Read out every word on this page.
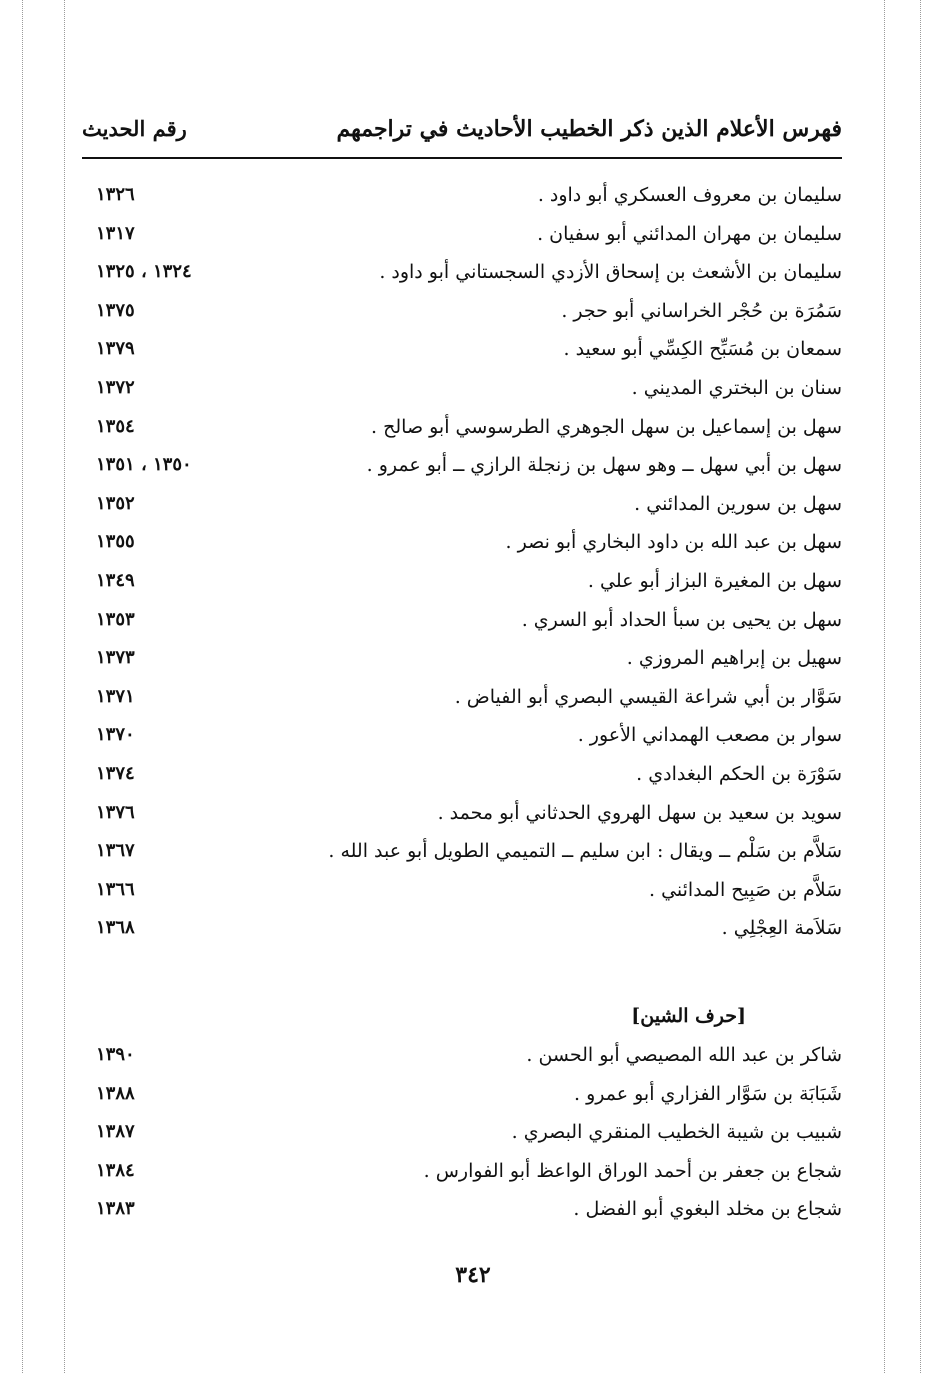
فهرس الأعلام الذين ذكر الخطيب الأحاديث في تراجمهم
رقم الحديث
سليمان بن معروف العسكري أبو داود .
١٣٢٦
سليمان بن مهران المدائني أبو سفيان .
١٣١٧
سليمان بن الأشعث بن إسحاق الأزدي السجستاني أبو داود .
١٣٢٤ ، ١٣٢٥
سَمُرَة بن حُجْر الخراساني أبو حجر .
١٣٧٥
سمعان بن مُسَبِّح الكِسِّي أبو سعيد .
١٣٧٩
سنان بن البختري المديني .
١٣٧٢
سهل بن إسماعيل بن سهل الجوهري الطرسوسي أبو صالح .
١٣٥٤
سهل بن أبي سهل ــ وهو سهل بن زنجلة الرازي ــ أبو عمرو .
١٣٥٠ ، ١٣٥١
سهل بن سورين المدائني .
١٣٥٢
سهل بن عبد الله بن داود البخاري أبو نصر .
١٣٥٥
سهل بن المغيرة البزاز أبو علي .
١٣٤٩
سهل بن يحيى بن سبأ الحداد أبو السري .
١٣٥٣
سهيل بن إبراهيم المروزي .
١٣٧٣
سَوَّار بن أبي شراعة القيسي البصري أبو الفياض .
١٣٧١
سوار بن مصعب الهمداني الأعور .
١٣٧٠
سَوْرَة بن الحكم البغدادي .
١٣٧٤
سويد بن سعيد بن سهل الهروي الحدثاني أبو محمد .
١٣٧٦
سَلاَّم بن سَلْم ــ ويقال : ابن سليم ــ التميمي الطويل أبو عبد الله .
١٣٦٧
سَلاَّم بن صَبِيح المدائني .
١٣٦٦
سَلاَمة العِجْلِي .
١٣٦٨
[حرف الشين]
شاكر بن عبد الله المصيصي أبو الحسن .
١٣٩٠
شَبَابَة بن سَوَّار الفزاري أبو عمرو .
١٣٨٨
شبيب بن شيبة الخطيب المنقري البصري .
١٣٨٧
شجاع بن جعفر بن أحمد الوراق الواعظ أبو الفوارس .
١٣٨٤
شجاع بن مخلد البغوي أبو الفضل .
١٣٨٣
٣٤٢
